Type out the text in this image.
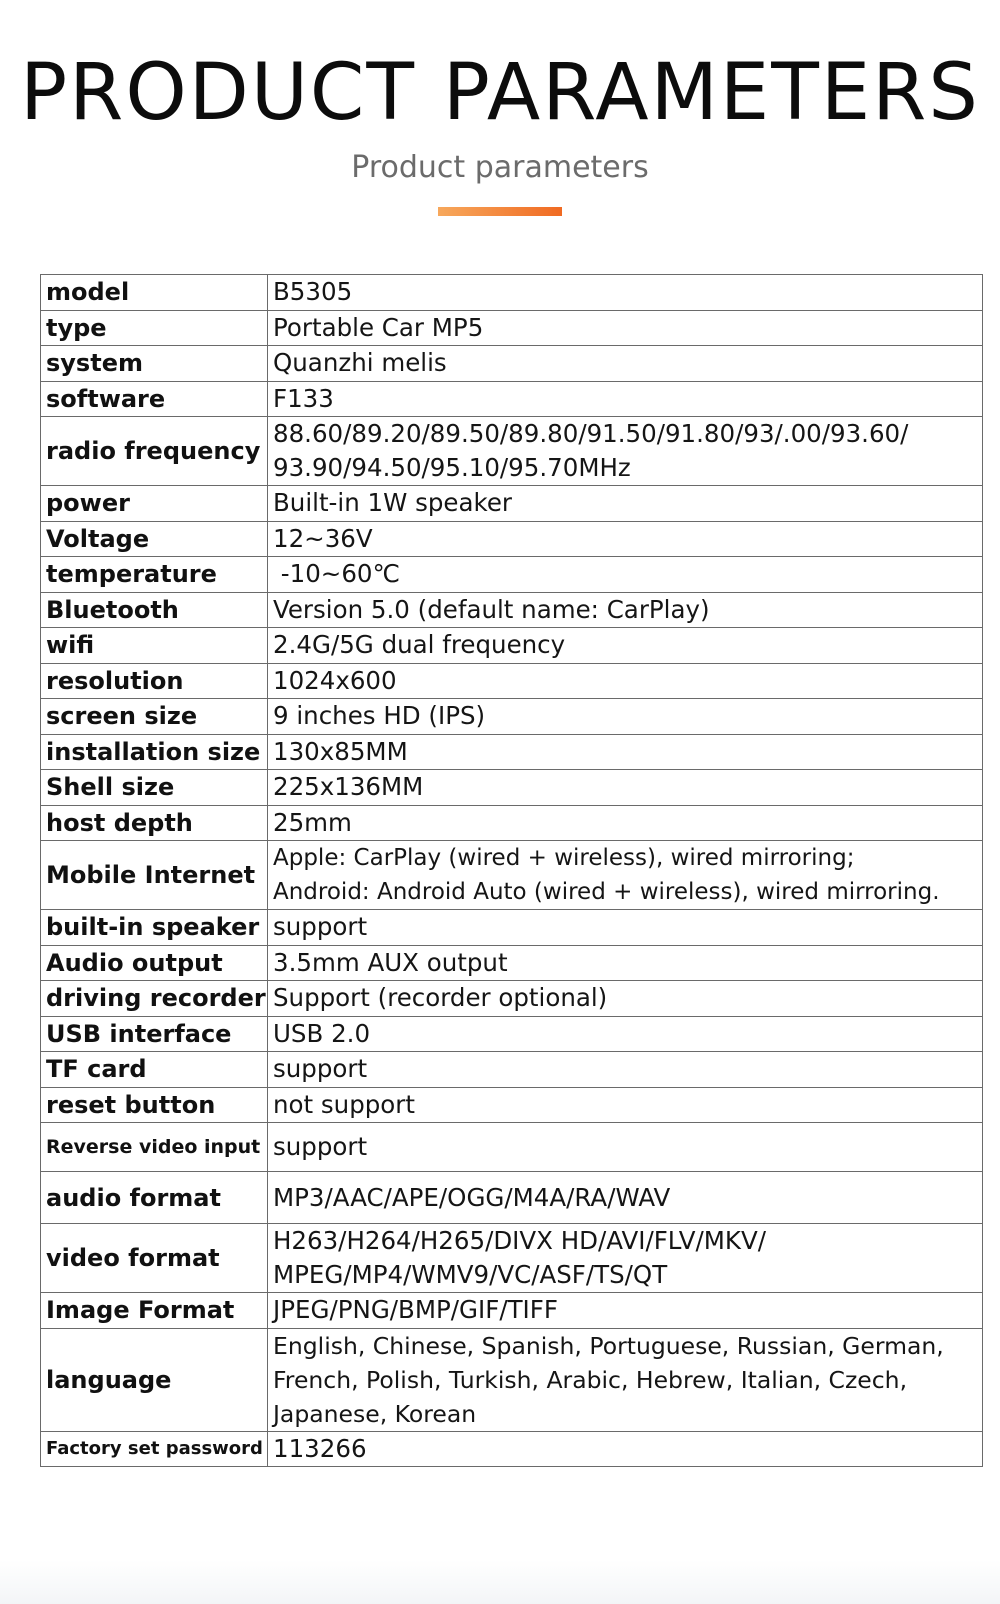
PRODUCT PARAMETERS
Product parameters
model	B5305
type	Portable Car MP5
system	Quanzhi melis
software	F133
radio frequency	88.60/89.20/89.50/89.80/91.50/91.80/93/.00/93.60/
93.90/94.50/95.10/95.70MHz
power	Built-in 1W speaker
Voltage	12~36V
temperature	-10~60℃
Bluetooth	Version 5.0 (default name: CarPlay)
wifi	2.4G/5G dual frequency
resolution	1024x600
screen size	9 inches HD (IPS)
installation size	130x85MM
Shell size	225x136MM
host depth	25mm
Mobile Internet	Apple: CarPlay (wired + wireless), wired mirroring;
Android: Android Auto (wired + wireless), wired mirroring.
built-in speaker	support
Audio output	3.5mm AUX output
driving recorder	Support (recorder optional)
USB interface	USB 2.0
TF card	support
reset button	not support
Reverse video input	support
audio format	MP3/AAC/APE/OGG/M4A/RA/WAV
video format	H263/H264/H265/DIVX HD/AVI/FLV/MKV/
MPEG/MP4/WMV9/VC/ASF/TS/QT
Image Format	JPEG/PNG/BMP/GIF/TIFF
language	English, Chinese, Spanish, Portuguese, Russian, German,
French, Polish, Turkish, Arabic, Hebrew, Italian, Czech,
Japanese, Korean
Factory set password	113266
